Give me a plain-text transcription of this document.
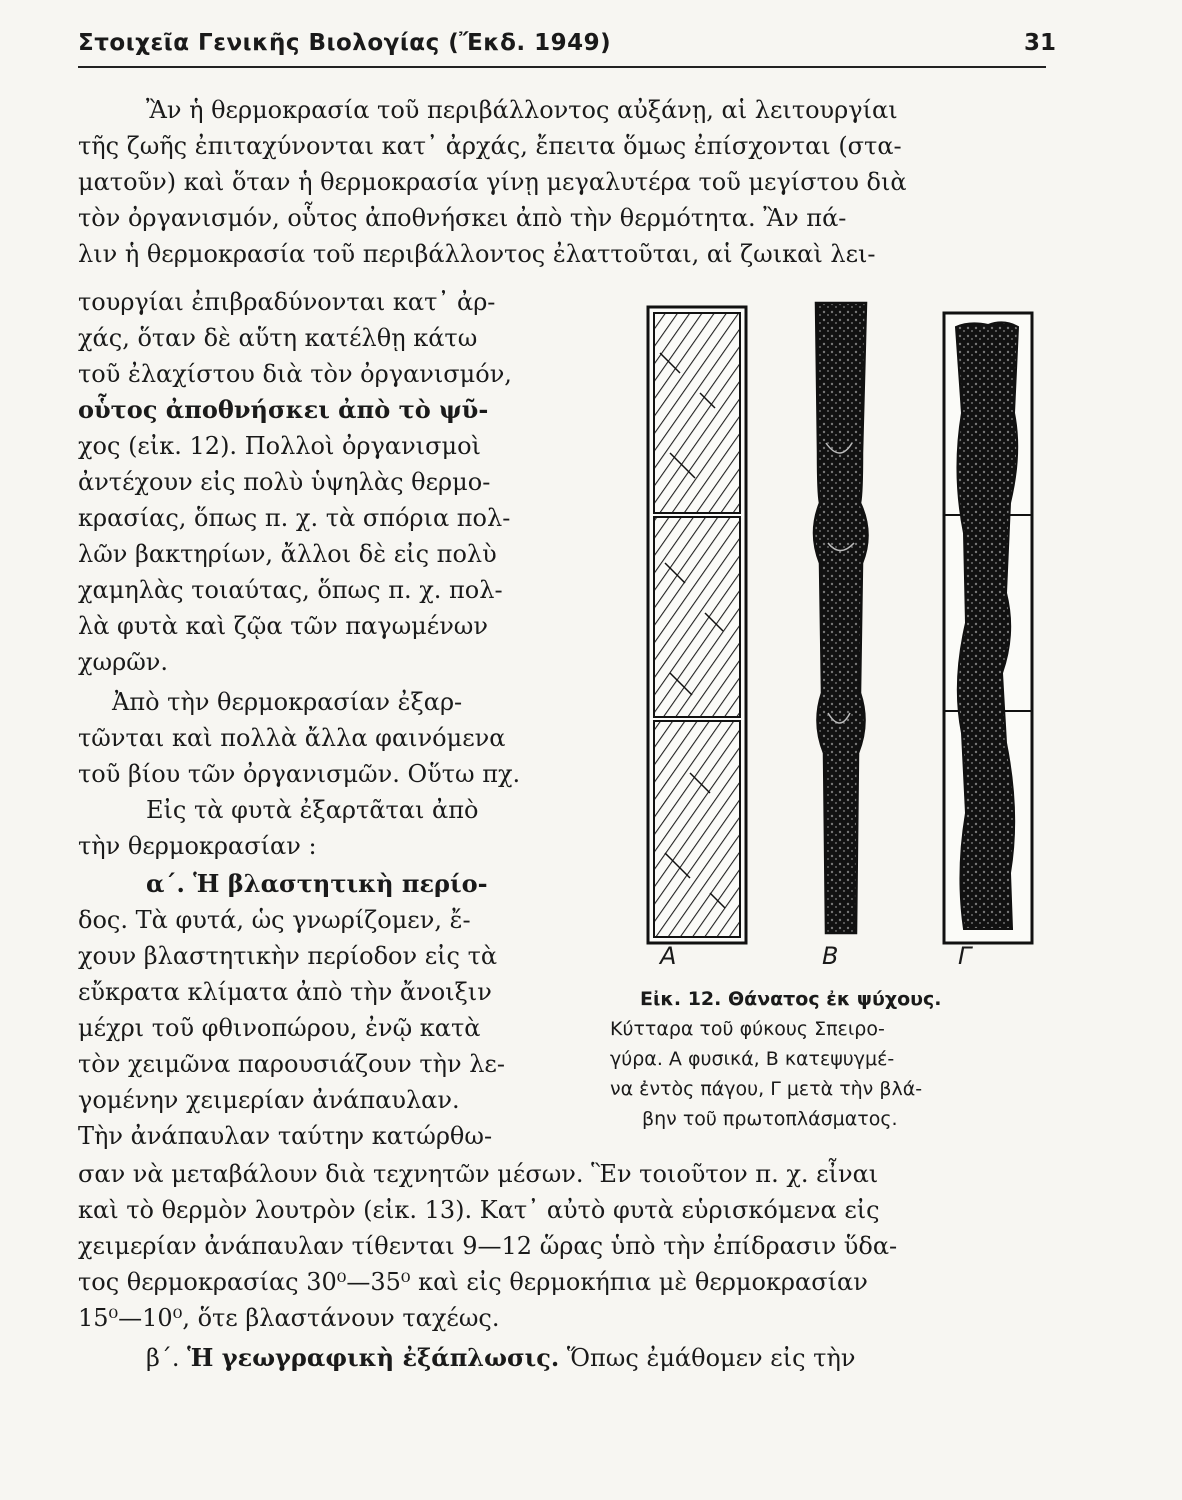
Στοιχεῖα Γενικῆς Βιολογίας (Ἔκδ. 1949)	31
Ἂν ἡ θερμοκρασία τοῦ περιβάλλοντος αὐξάνῃ, αἱ λειτουργίαι
τῆς ζωῆς ἐπιταχύνονται κατ᾽ ἀρχάς, ἔπειτα ὅμως ἐπίσχονται (στα-
ματοῦν) καὶ ὅταν ἡ θερμοκρασία γίνῃ μεγαλυτέρα τοῦ μεγίστου διὰ
τὸν ὀργανισμόν, οὗτος ἀποθνήσκει ἀπὸ τὴν θερμότητα. Ἂν πά-
λιν ἡ θερμοκρασία τοῦ περιβάλλοντος ἐλαττοῦται, αἱ ζωικαὶ λει-
τουργίαι ἐπιβραδύνονται κατ᾽ ἀρ-
χάς, ὅταν δὲ αὕτη κατέλθῃ κάτω
τοῦ ἐλαχίστου διὰ τὸν ὀργανισμόν,
οὗτος ἀποθνήσκει ἀπὸ τὸ ψῦ-
χος (εἰκ. 12). Πολλοὶ ὀργανισμοὶ
ἀντέχουν εἰς πολὺ ὑψηλὰς θερμο-
κρασίας, ὅπως π. χ. τὰ σπόρια πολ-
λῶν βακτηρίων, ἄλλοι δὲ εἰς πολὺ
χαμηλὰς τοιαύτας, ὅπως π. χ. πολ-
λὰ φυτὰ καὶ ζῷα τῶν παγωμένων
χωρῶν.
Ἀπὸ τὴν θερμοκρασίαν ἐξαρ-
τῶνται καὶ πολλὰ ἄλλα φαινόμενα
τοῦ βίου τῶν ὀργανισμῶν. Οὕτω πχ.
Εἰς τὰ φυτὰ ἐξαρτᾶται ἀπὸ
τὴν θερμοκρασίαν :
α΄. Ἡ βλαστητικὴ περίο-
δος. Τὰ φυτά, ὡς γνωρίζομεν, ἔ-
χουν βλαστητικὴν περίοδον εἰς τὰ
εὔκρατα κλίματα ἀπὸ τὴν ἄνοιξιν
μέχρι τοῦ φθινοπώρου, ἐνῷ κατὰ
τὸν χειμῶνα παρουσιάζουν τὴν λε-
γομένην χειμερίαν ἀνάπαυλαν.
Τὴν ἀνάπαυλαν ταύτην κατώρθω-
Α	Β	Γ
Εἰκ. 12. Θάνατος ἐκ ψύχους.
Κύτταρα τοῦ φύκους Σπειρο-
γύρα. Α φυσικά, Β κατεψυγμέ-
να ἐντὸς πάγου, Γ μετὰ τὴν βλά-
βην τοῦ πρωτοπλάσματος.
σαν νὰ μεταβάλουν διὰ τεχνητῶν μέσων. Ἓν τοιοῦτον π. χ. εἶναι
καὶ τὸ θερμὸν λουτρὸν (εἰκ. 13). Κατ᾽ αὐτὸ φυτὰ εὑρισκόμενα εἰς
χειμερίαν ἀνάπαυλαν τίθενται 9—12 ὥρας ὑπὸ τὴν ἐπίδρασιν ὕδα-
τος θερμοκρασίας 30⁰—35⁰ καὶ εἰς θερμοκήπια μὲ θερμοκρασίαν
15⁰—10⁰, ὅτε βλαστάνουν ταχέως.
β΄. Ἡ γεωγραφικὴ ἐξάπλωσις. Ὅπως ἐμάθομεν εἰς τὴν
